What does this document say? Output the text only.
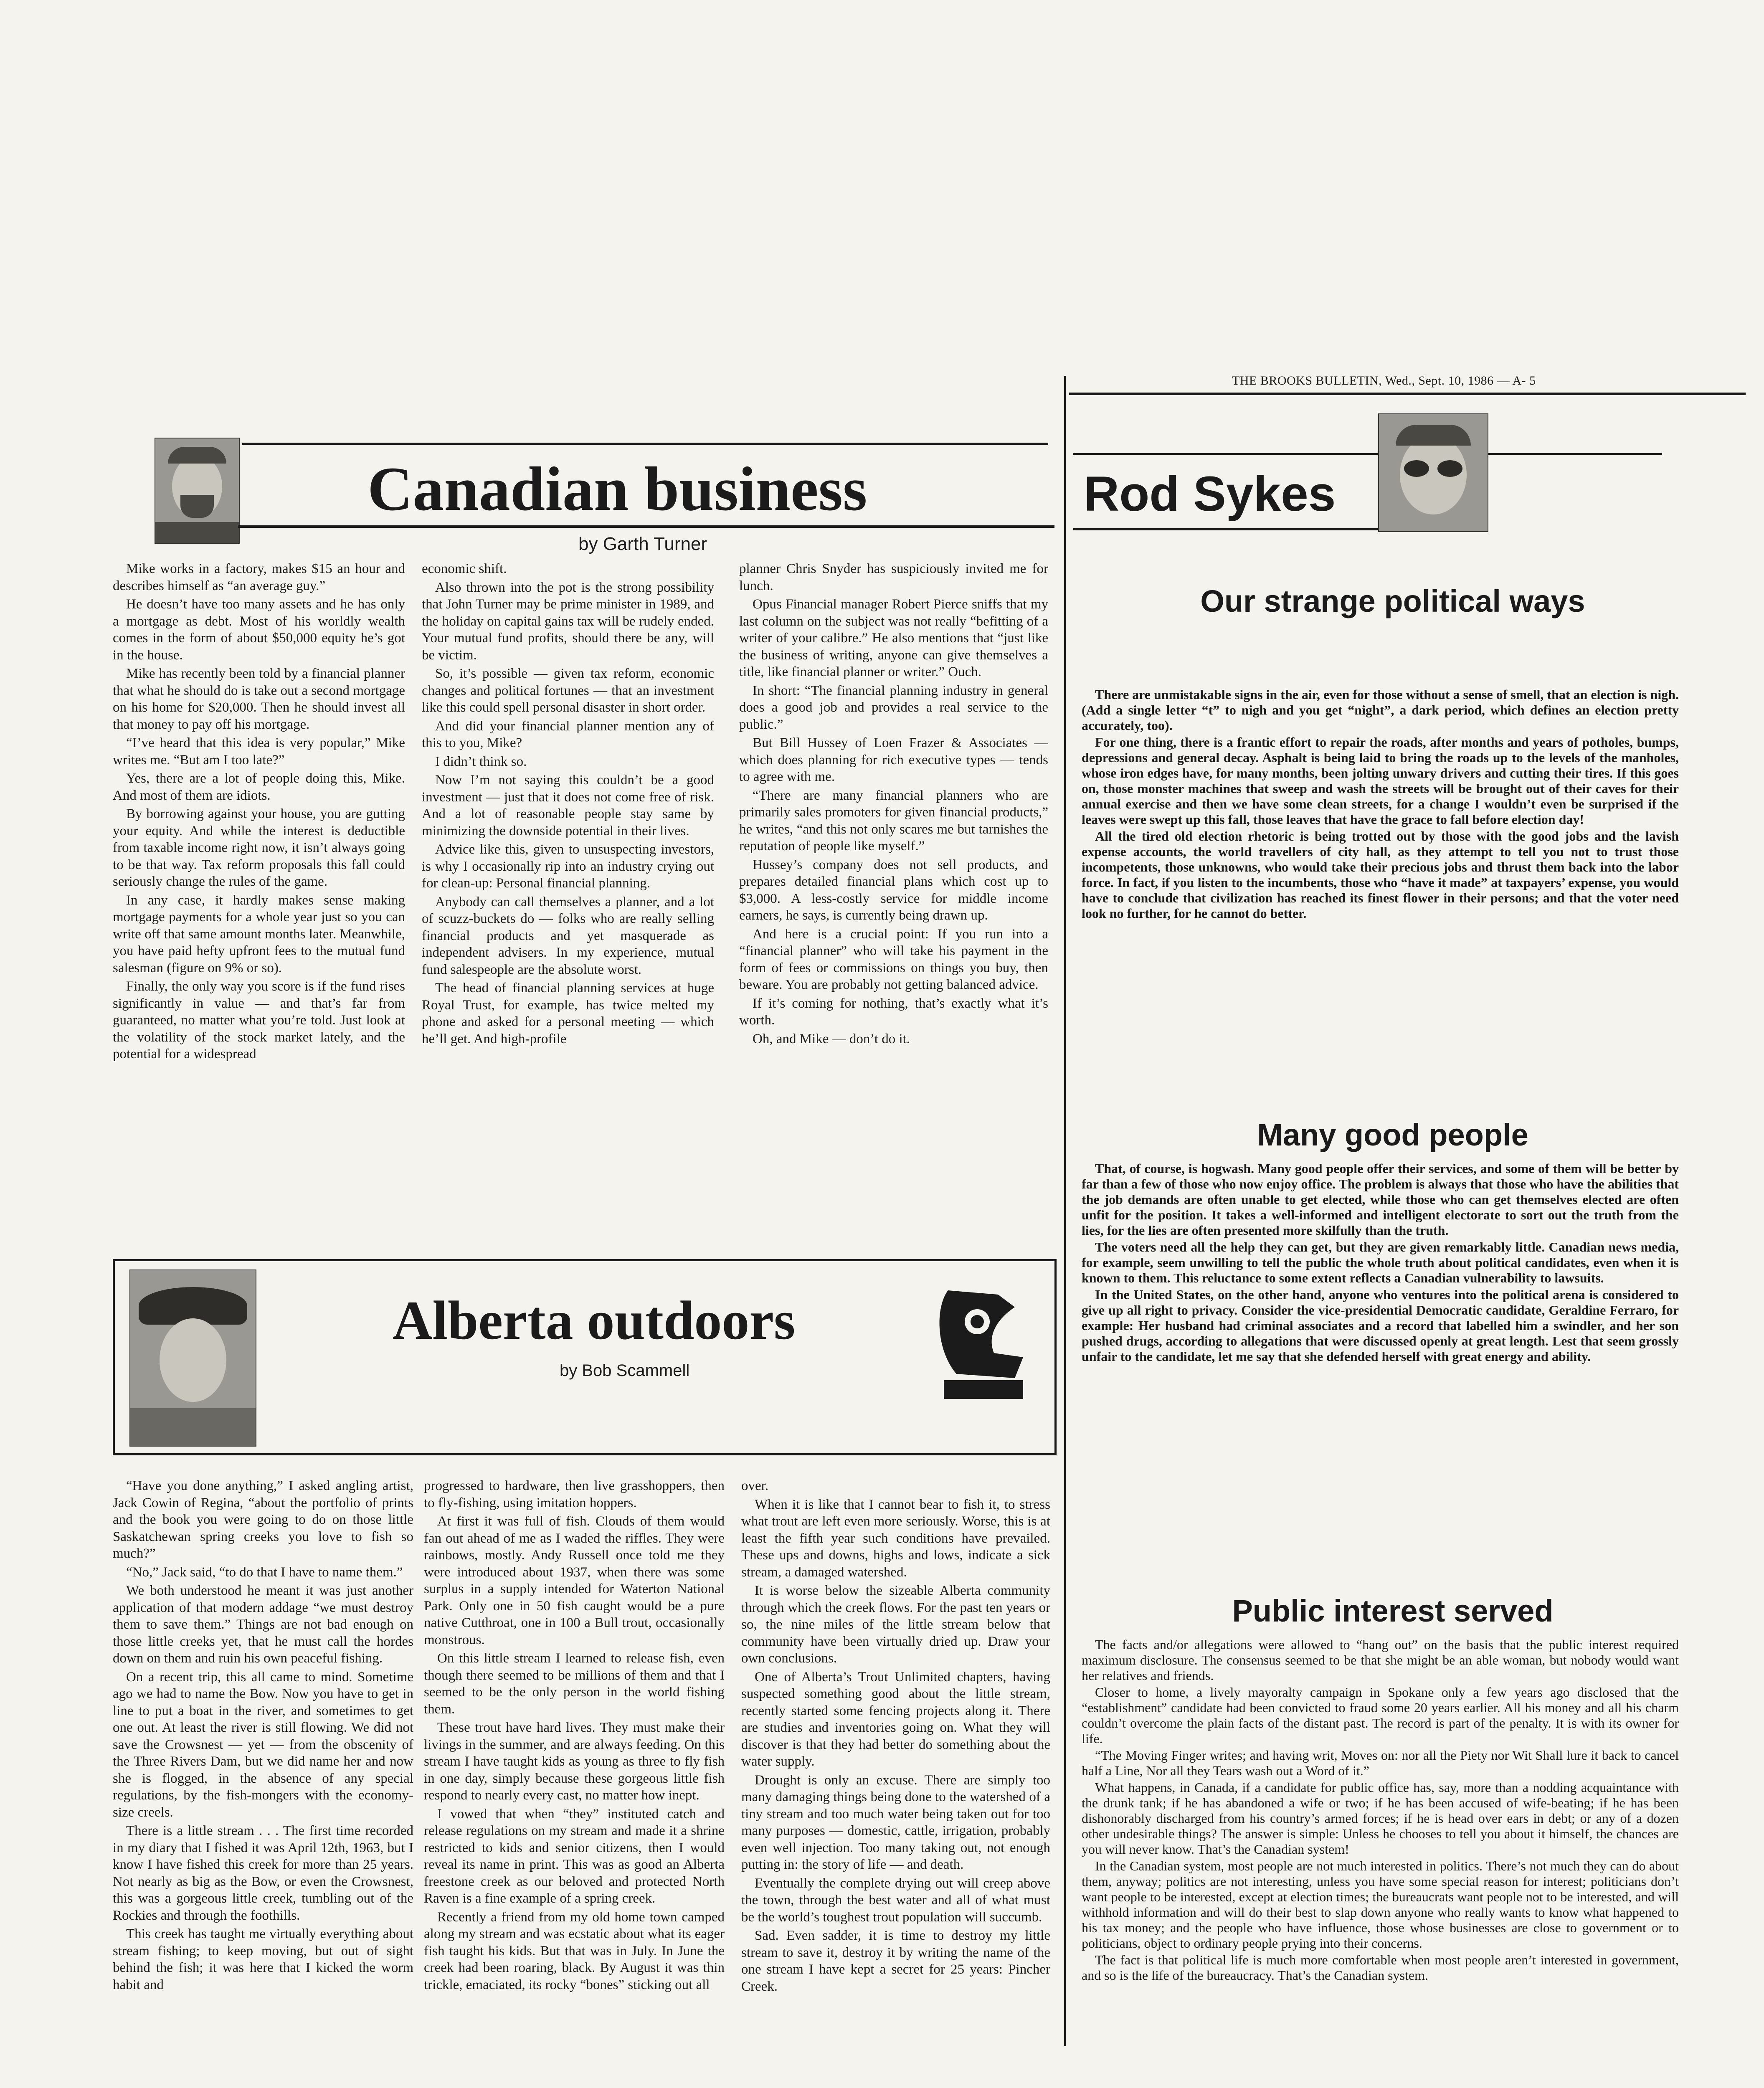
THE BROOKS BULLETIN, Wed., Sept. 10, 1986 — A- 5
Canadian business
by Garth Turner

Mike works in a factory, makes $15 an hour and describes himself as “an average guy.”

He doesn’t have too many assets and he has only a mortgage as debt. Most of his worldly wealth comes in the form of about $50,000 equity he’s got in the house.

Mike has recently been told by a financial planner that what he should do is take out a second mortgage on his home for $20,000. Then he should invest all that money to pay off his mortgage.

“I’ve heard that this idea is very popular,” Mike writes me. “But am I too late?”

Yes, there are a lot of people doing this, Mike. And most of them are idiots.

By borrowing against your house, you are gutting your equity. And while the interest is deductible from taxable income right now, it isn’t always going to be that way. Tax reform proposals this fall could seriously change the rules of the game.

In any case, it hardly makes sense making mortgage payments for a whole year just so you can write off that same amount months later. Meanwhile, you have paid hefty upfront fees to the mutual fund salesman (figure on 9% or so).

Finally, the only way you score is if the fund rises significantly in value — and that’s far from guaranteed, no matter what you’re told. Just look at the volatility of the stock market lately, and the potential for a widespread

economic shift.

Also thrown into the pot is the strong possibility that John Turner may be prime minister in 1989, and the holiday on capital gains tax will be rudely ended. Your mutual fund profits, should there be any, will be victim.

So, it’s possible — given tax reform, economic changes and political fortunes — that an investment like this could spell personal disaster in short order.

And did your financial planner mention any of this to you, Mike?

I didn’t think so.

Now I’m not saying this couldn’t be a good investment — just that it does not come free of risk. And a lot of reasonable people stay same by minimizing the downside potential in their lives.

Advice like this, given to unsuspecting investors, is why I occasionally rip into an industry crying out for clean-up: Personal financial planning.

Anybody can call themselves a planner, and a lot of scuzz-buckets do — folks who are really selling financial products and yet masquerade as independent advisers. In my experience, mutual fund salespeople are the absolute worst.

The head of financial planning services at huge Royal Trust, for example, has twice melted my phone and asked for a personal meeting — which he’ll get. And high-profile

planner Chris Snyder has suspiciously invited me for lunch.

Opus Financial manager Robert Pierce sniffs that my last column on the subject was not really “befitting of a writer of your calibre.” He also mentions that “just like the business of writing, anyone can give themselves a title, like financial planner or writer.” Ouch.

In short: “The financial planning industry in general does a good job and provides a real service to the public.”

But Bill Hussey of Loen Frazer & Associates — which does planning for rich executive types — tends to agree with me.

“There are many financial planners who are primarily sales promoters for given financial products,” he writes, “and this not only scares me but tarnishes the reputation of people like myself.”

Hussey’s company does not sell products, and prepares detailed financial plans which cost up to $3,000. A less-costly service for middle income earners, he says, is currently being drawn up.

And here is a crucial point: If you run into a “financial planner” who will take his payment in the form of fees or commissions on things you buy, then beware. You are probably not getting balanced advice.

If it’s coming for nothing, that’s exactly what it’s worth.

Oh, and Mike — don’t do it.

Rod Sykes
Our strange political ways

There are unmistakable signs in the air, even for those without a sense of smell, that an election is nigh. (Add a single letter “t” to nigh and you get “night”, a dark period, which defines an election pretty accurately, too).

For one thing, there is a frantic effort to repair the roads, after months and years of potholes, bumps, depressions and general decay. Asphalt is being laid to bring the roads up to the levels of the manholes, whose iron edges have, for many months, been jolting unwary drivers and cutting their tires. If this goes on, those monster machines that sweep and wash the streets will be brought out of their caves for their annual exercise and then we have some clean streets, for a change I wouldn’t even be surprised if the leaves were swept up this fall, those leaves that have the grace to fall before election day!

All the tired old election rhetoric is being trotted out by those with the good jobs and the lavish expense accounts, the world travellers of city hall, as they attempt to tell you not to trust those incompetents, those unknowns, who would take their precious jobs and thrust them back into the labor force. In fact, if you listen to the incumbents, those who “have it made” at taxpayers’ expense, you would have to conclude that civilization has reached its finest flower in their persons; and that the voter need look no further, for he cannot do better.

Many good people

That, of course, is hogwash. Many good people offer their services, and some of them will be better by far than a few of those who now enjoy office. The problem is always that those who have the abilities that the job demands are often unable to get elected, while those who can get themselves elected are often unfit for the position. It takes a well-informed and intelligent electorate to sort out the truth from the lies, for the lies are often presented more skilfully than the truth.

The voters need all the help they can get, but they are given remarkably little. Canadian news media, for example, seem unwilling to tell the public the whole truth about political candidates, even when it is known to them. This reluctance to some extent reflects a Canadian vulnerability to lawsuits.

In the United States, on the other hand, anyone who ventures into the political arena is considered to give up all right to privacy. Consider the vice-presidential Democratic candidate, Geraldine Ferraro, for example: Her husband had criminal associates and a record that labelled him a swindler, and her son pushed drugs, according to allegations that were discussed openly at great length. Lest that seem grossly unfair to the candidate, let me say that she defended herself with great energy and ability.

Public interest served

The facts and/or allegations were allowed to “hang out” on the basis that the public interest required maximum disclosure. The consensus seemed to be that she might be an able woman, but nobody would want her relatives and friends.

Closer to home, a lively mayoralty campaign in Spokane only a few years ago disclosed that the “establishment” candidate had been convicted to fraud some 20 years earlier. All his money and all his charm couldn’t overcome the plain facts of the distant past. The record is part of the penalty. It is with its owner for life.

“The Moving Finger writes; and having writ, Moves on: nor all the Piety nor Wit Shall lure it back to cancel half a Line, Nor all they Tears wash out a Word of it.”

What happens, in Canada, if a candidate for public office has, say, more than a nodding acquaintance with the drunk tank; if he has abandoned a wife or two; if he has been accused of wife-beating; if he has been dishonorably discharged from his country’s armed forces; if he is head over ears in debt; or any of a dozen other undesirable things? The answer is simple: Unless he chooses to tell you about it himself, the chances are you will never know. That’s the Canadian system!

In the Canadian system, most people are not much interested in politics. There’s not much they can do about them, anyway; politics are not interesting, unless you have some special reason for interest; politicians don’t want people to be interested, except at election times; the bureaucrats want people not to be interested, and will withhold information and will do their best to slap down anyone who really wants to know what happened to his tax money; and the people who have influence, those whose businesses are close to government or to politicians, object to ordinary people prying into their concerns.

The fact is that political life is much more comfortable when most people aren’t interested in government, and so is the life of the bureaucracy. That’s the Canadian system.

Alberta outdoors
by Bob Scammell

“Have you done anything,” I asked angling artist, Jack Cowin of Regina, “about the portfolio of prints and the book you were going to do on those little Saskatchewan spring creeks you love to fish so much?”

“No,” Jack said, “to do that I have to name them.”

We both understood he meant it was just another application of that modern addage “we must destroy them to save them.” Things are not bad enough on those little creeks yet, that he must call the hordes down on them and ruin his own peaceful fishing.

On a recent trip, this all came to mind. Sometime ago we had to name the Bow. Now you have to get in line to put a boat in the river, and sometimes to get one out. At least the river is still flowing. We did not save the Crowsnest — yet — from the obscenity of the Three Rivers Dam, but we did name her and now she is flogged, in the absence of any special regulations, by the fish-mongers with the economy-size creels.

There is a little stream . . . The first time recorded in my diary that I fished it was April 12th, 1963, but I know I have fished this creek for more than 25 years. Not nearly as big as the Bow, or even the Crowsnest, this was a gorgeous little creek, tumbling out of the Rockies and through the foothills.

This creek has taught me virtually everything about stream fishing; to keep moving, but out of sight behind the fish; it was here that I kicked the worm habit and

progressed to hardware, then live grasshoppers, then to fly-fishing, using imitation hoppers.

At first it was full of fish. Clouds of them would fan out ahead of me as I waded the riffles. They were rainbows, mostly. Andy Russell once told me they were introduced about 1937, when there was some surplus in a supply intended for Waterton National Park. Only one in 50 fish caught would be a pure native Cutthroat, one in 100 a Bull trout, occasionally monstrous.

On this little stream I learned to release fish, even though there seemed to be millions of them and that I seemed to be the only person in the world fishing them.

These trout have hard lives. They must make their livings in the summer, and are always feeding. On this stream I have taught kids as young as three to fly fish in one day, simply because these gorgeous little fish respond to nearly every cast, no matter how inept.

I vowed that when “they” instituted catch and release regulations on my stream and made it a shrine restricted to kids and senior citizens, then I would reveal its name in print. This was as good an Alberta freestone creek as our beloved and protected North Raven is a fine example of a spring creek.

Recently a friend from my old home town camped along my stream and was ecstatic about what its eager fish taught his kids. But that was in July. In June the creek had been roaring, black. By August it was thin trickle, emaciated, its rocky “bones” sticking out all

over.

When it is like that I cannot bear to fish it, to stress what trout are left even more seriously. Worse, this is at least the fifth year such conditions have prevailed. These ups and downs, highs and lows, indicate a sick stream, a damaged watershed.

It is worse below the sizeable Alberta community through which the creek flows. For the past ten years or so, the nine miles of the little stream below that community have been virtually dried up. Draw your own conclusions.

One of Alberta’s Trout Unlimited chapters, having suspected something good about the little stream, recently started some fencing projects along it. There are studies and inventories going on. What they will discover is that they had better do something about the water supply.

Drought is only an excuse. There are simply too many damaging things being done to the watershed of a tiny stream and too much water being taken out for too many purposes — domestic, cattle, irrigation, probably even well injection. Too many taking out, not enough putting in: the story of life — and death.

Eventually the complete drying out will creep above the town, through the best water and all of what must be the world’s toughest trout population will succumb.

Sad. Even sadder, it is time to destroy my little stream to save it, destroy it by writing the name of the one stream I have kept a secret for 25 years: Pincher Creek.
